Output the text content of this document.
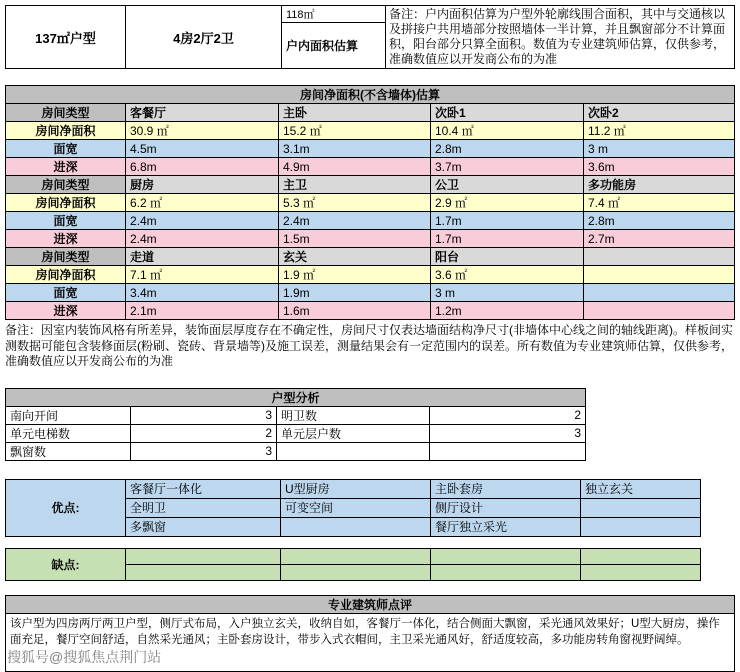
137㎡户型	4房2厅2卫	118㎡	备注：户内面积估算为户型外轮廓线围合面积，其中与交通核以及拼接户共用墙部分按照墙体一半计算，并且飘窗部分不计算面积，阳台部分只算全面积。数值为专业建筑师估算，仅供参考，准确数值应以开发商公布的为准
户内面积估算
房间净面积(不含墙体)估算				
房间类型	客餐厅	主卧	次卧1	次卧2
房间净面积	30.9 ㎡	15.2 ㎡	10.4 ㎡	11.2 ㎡
面宽	4.5m	3.1m	2.8m	3 m
进深	6.8m	4.9m	3.7m	3.6m
房间类型	厨房	主卫	公卫	多功能房
房间净面积	6.2 ㎡	5.3 ㎡	2.9 ㎡	7.4 ㎡
面宽	2.4m	2.4m	1.7m	2.8m
进深	2.4m	1.5m	1.7m	2.7m
房间类型	走道	玄关	阳台	
房间净面积	7.1 ㎡	1.9 ㎡	3.6 ㎡	
面宽	3.4m	1.9m	3 m	
进深	2.1m	1.6m	1.2m	
备注：因室内装饰风格有所差异，装饰面层厚度存在不确定性，房间尺寸仅表达墙面结构净尺寸(非墙体中心线之间的轴线距离)。样板间实测数据可能包含装修面层(粉刷、瓷砖、背景墙等)及施工误差，测量结果会有一定范围内的误差。所有数值为专业建筑师估算，仅供参考，准确数值应以开发商公布的为准
户型分析			
南向开间	3	明卫数	2
单元电梯数	2	单元层户数	3
飘窗数	3		
优点:	客餐厅一体化	U型厨房	主卧套房	独立玄关
	全明卫	可变空间	侧厅设计	
	多飘窗		餐厅独立采光	
缺点:				

专业建筑师点评
该户型为四房两厅两卫户型，侧厅式布局，入户独立玄关，收纳自如，客餐厅一体化，结合侧面大飘窗，采光通风效果好；U型大厨房，操作面充足，餐厅空间舒适，自然采光通风；主卧套房设计，带步入式衣帽间，主卫采光通风好，舒适度较高，多功能房转角窗视野阔绰。
搜狐号@搜狐焦点荆门站
